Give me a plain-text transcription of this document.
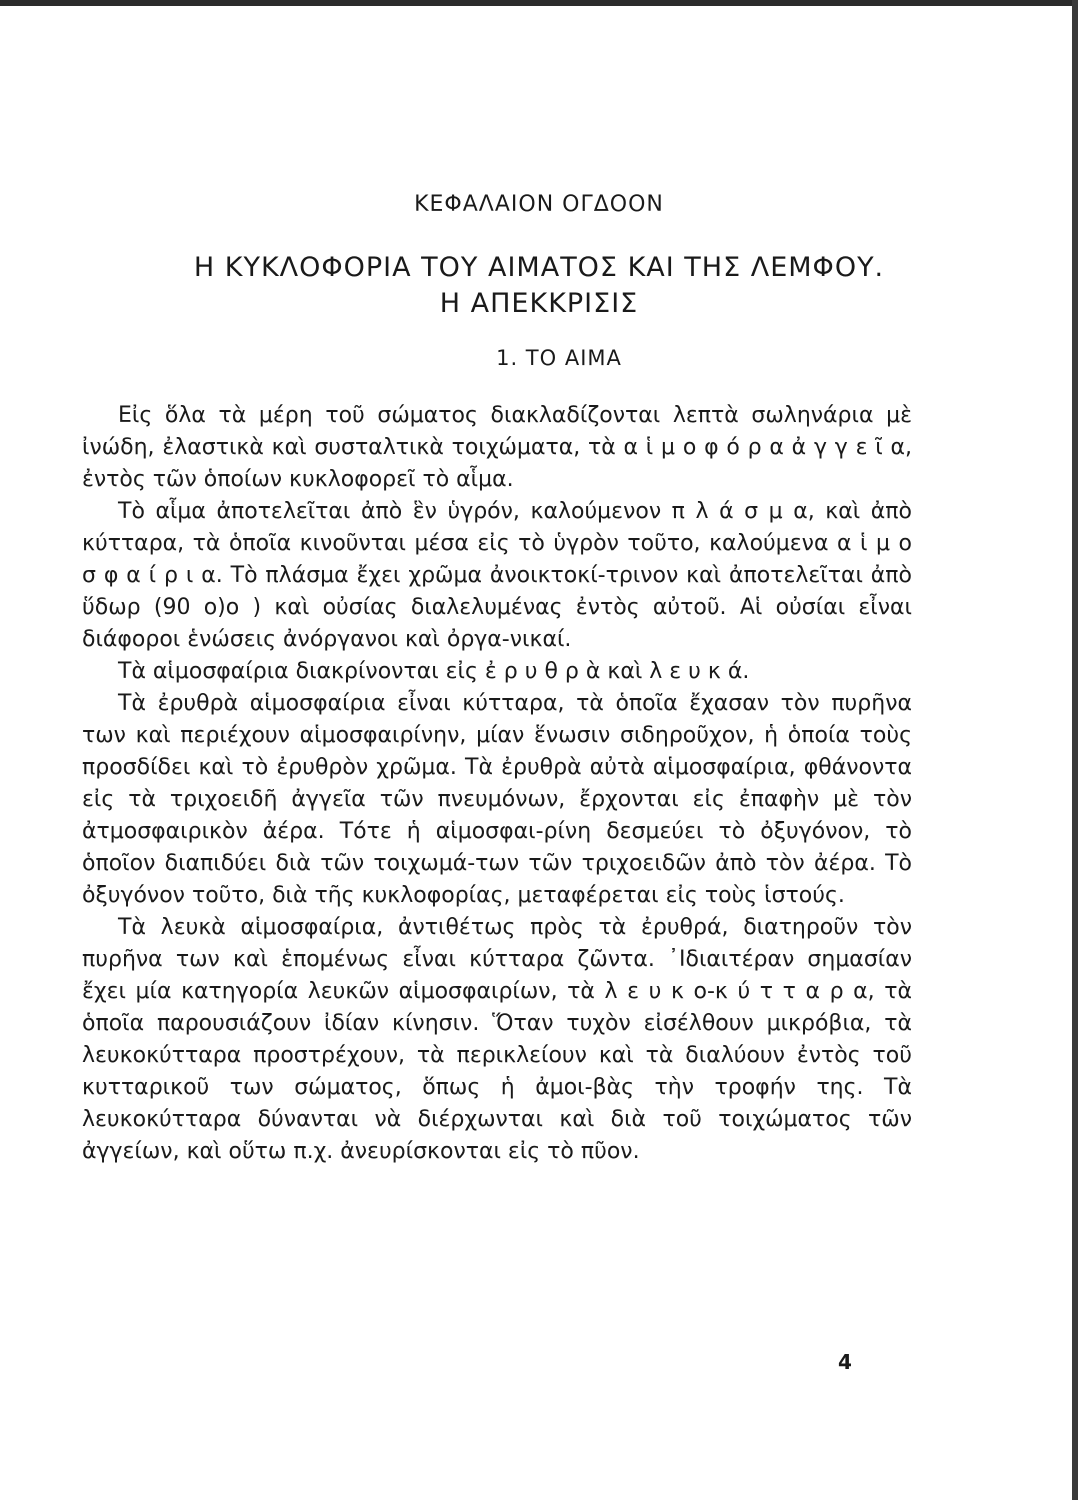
ΚΕΦΑΛΑΙΟΝ ΟΓΔΟΟΝ
Η ΚΥΚΛΟΦΟΡΙΑ ΤΟΥ ΑΙΜΑΤΟΣ ΚΑΙ ΤΗΣ ΛΕΜΦΟΥ.
Η ΑΠΕΚΚΡΙΣΙΣ
1. ΤΟ ΑΙΜΑ

Εἰς ὅλα τὰ μέρη τοῦ σώματος διακλαδίζονται λεπτὰ σωληνάρια μὲ ἰνώδη, ἐλαστικὰ καὶ συσταλτικὰ τοιχώματα, τὰ α ἱ μ ο φ ό ρ α ἀ γ γ ε ῖ α, ἐντὸς τῶν ὁποίων κυκλοφορεῖ τὸ αἷμα.

Τὸ αἷμα ἀποτελεῖται ἀπὸ ἓν ὑγρόν, καλούμενον π λ ά σ μ α, καὶ ἀπὸ κύτταρα, τὰ ὁποῖα κινοῦνται μέσα εἰς τὸ ὑγρὸν τοῦτο, καλούμενα α ἱ μ ο σ φ α ί ρ ι α. Τὸ πλάσμα ἔχει χρῶμα ἀνοικτοκί-τρινον καὶ ἀποτελεῖται ἀπὸ ὕδωρ (90 ο)ο ) καὶ οὐσίας διαλελυμένας ἐντὸς αὐτοῦ. Αἱ οὐσίαι εἶναι διάφοροι ἑνώσεις ἀνόργανοι καὶ ὀργα-νικαί.

Τὰ αἱμοσφαίρια διακρίνονται εἰς ἐ ρ υ θ ρ ὰ καὶ λ ε υ κ ά.

Τὰ ἐρυθρὰ αἱμοσφαίρια εἶναι κύτταρα, τὰ ὁποῖα ἔχασαν τὸν πυρῆνα των καὶ περιέχουν αἱμοσφαιρίνην, μίαν ἕνωσιν σιδηροῦχον, ἡ ὁποία τοὺς προσδίδει καὶ τὸ ἐρυθρὸν χρῶμα. Τὰ ἐρυθρὰ αὐτὰ αἱμοσφαίρια, φθάνοντα εἰς τὰ τριχοειδῆ ἀγγεῖα τῶν πνευμόνων, ἔρχονται εἰς ἐπαφὴν μὲ τὸν ἀτμοσφαιρικὸν ἀέρα. Τότε ἡ αἱμοσφαι-ρίνη δεσμεύει τὸ ὀξυγόνον, τὸ ὁποῖον διαπιδύει διὰ τῶν τοιχωμά-των τῶν τριχοειδῶν ἀπὸ τὸν ἀέρα. Τὸ ὀξυγόνον τοῦτο, διὰ τῆς κυκλοφορίας, μεταφέρεται εἰς τοὺς ἱστούς.

Τὰ λευκὰ αἱμοσφαίρια, ἀντιθέτως πρὸς τὰ ἐρυθρά, διατηροῦν τὸν πυρῆνα των καὶ ἑπομένως εἶναι κύτταρα ζῶντα. ᾿Ιδιαιτέραν σημασίαν ἔχει μία κατηγορία λευκῶν αἱμοσφαιρίων, τὰ λ ε υ κ ο-κ ύ τ τ α ρ α, τὰ ὁποῖα παρουσιάζουν ἰδίαν κίνησιν. Ὅταν τυχὸν εἰσέλθουν μικρόβια, τὰ λευκοκύτταρα προστρέχουν, τὰ περικλείουν καὶ τὰ διαλύουν ἐντὸς τοῦ κυτταρικοῦ των σώματος, ὅπως ἡ ἀμοι-βὰς τὴν τροφήν της. Τὰ λευκοκύτταρα δύνανται νὰ διέρχωνται καὶ διὰ τοῦ τοιχώματος τῶν ἀγγείων, καὶ οὕτω π.χ. ἀνευρίσκονται εἰς τὸ πῦον.

4
